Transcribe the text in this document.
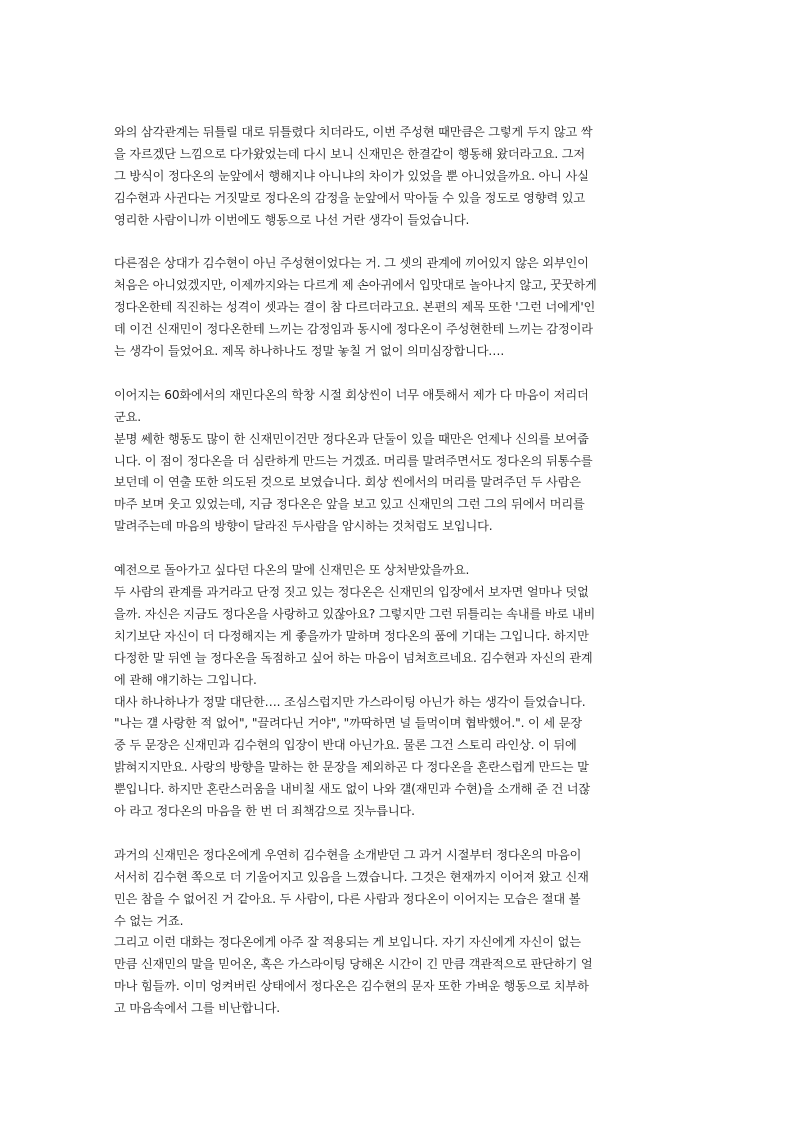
와의 삼각관계는 뒤틀릴 대로 뒤틀렸다 치더라도, 이번 주성현 때만큼은 그렇게 두지 않고 싹
을 자르겠단 느낌으로 다가왔었는데 다시 보니 신재민은 한결같이 행동해 왔더라고요. 그저
그 방식이 정다온의 눈앞에서 행해지냐 아니냐의 차이가 있었을 뿐 아니었을까요. 아니 사실
김수현과 사귄다는 거짓말로 정다온의 감정을 눈앞에서 막아둘 수 있을 정도로 영향력 있고
영리한 사람이니까 이번에도 행동으로 나선 거란 생각이 들었습니다.

다른점은 상대가 김수현이 아닌 주성현이었다는 거. 그 셋의 관계에 끼어있지 않은 외부인이
처음은 아니었겠지만, 이제까지와는 다르게 제 손아귀에서 입맛대로 놀아나지 않고, 꿋꿋하게
정다온한테 직진하는 성격이 셋과는 결이 참 다르더라고요. 본편의 제목 또한 '그런 너에게'인
데 이건 신재민이 정다온한테 느끼는 감정임과 동시에 정다온이 주성현한테 느끼는 감정이라
는 생각이 들었어요. 제목 하나하나도 정말 놓칠 거 없이 의미심장합니다….

이어지는 60화에서의 재민다온의 학창 시절 회상씬이 너무 애틋해서 제가 다 마음이 저리더
군요.
분명 쎄한 행동도 많이 한 신재민이건만 정다온과 단둘이 있을 때만은 언제나 신의를 보여줍
니다. 이 점이 정다온을 더 심란하게 만드는 거겠죠. 머리를 말려주면서도 정다온의 뒤통수를
보던데 이 연출 또한 의도된 것으로 보였습니다. 회상 씬에서의 머리를 말려주던 두 사람은
마주 보며 웃고 있었는데, 지금 정다온은 앞을 보고 있고 신재민의 그런 그의 뒤에서 머리를
말려주는데 마음의 방향이 달라진 두사람을 암시하는 것처럼도 보입니다.

예전으로 돌아가고 싶다던 다온의 말에 신재민은 또 상처받았을까요.
두 사람의 관계를 과거라고 단정 짓고 있는 정다온은 신재민의 입장에서 보자면 얼마나 덧없
을까. 자신은 지금도 정다온을 사랑하고 있잖아요? 그렇지만 그런 뒤틀리는 속내를 바로 내비
치기보단 자신이 더 다정해지는 게 좋을까가 말하며 정다온의 품에 기대는 그입니다. 하지만
다정한 말 뒤엔 늘 정다온을 독점하고 싶어 하는 마음이 넘쳐흐르네요. 김수현과 자신의 관계
에 관해 얘기하는 그입니다.
대사 하나하나가 정말 대단한…. 조심스럽지만 가스라이팅 아닌가 하는 생각이 들었습니다.
"나는 걜 사랑한 적 없어", "끌려다닌 거야", "까딱하면 널 들먹이며 협박했어.". 이 세 문장
중 두 문장은 신재민과 김수현의 입장이 반대 아닌가요. 물론 그건 스토리 라인상. 이 뒤에
밝혀지지만요. 사랑의 방향을 말하는 한 문장을 제외하곤 다 정다온을 혼란스럽게 만드는 말
뿐입니다. 하지만 혼란스러움을 내비칠 새도 없이 나와 걜(재민과 수현)을 소개해 준 건 너잖
아 라고 정다온의 마음을 한 번 더 죄책감으로 짓누릅니다.

과거의 신재민은 정다온에게 우연히 김수현을 소개받던 그 과거 시절부터 정다온의 마음이
서서히 김수현 쪽으로 더 기울어지고 있음을 느꼈습니다. 그것은 현재까지 이어져 왔고 신재
민은 참을 수 없어진 거 같아요. 두 사람이, 다른 사람과 정다온이 이어지는 모습은 절대 볼
수 없는 거죠.
그리고 이런 대화는 정다온에게 아주 잘 적용되는 게 보입니다. 자기 자신에게 자신이 없는
만큼 신재민의 말을 믿어온, 혹은 가스라이팅 당해온 시간이 긴 만큼 객관적으로 판단하기 얼
마나 힘들까. 이미 엉켜버린 상태에서 정다온은 김수현의 문자 또한 가벼운 행동으로 치부하
고 마음속에서 그를 비난합니다.
